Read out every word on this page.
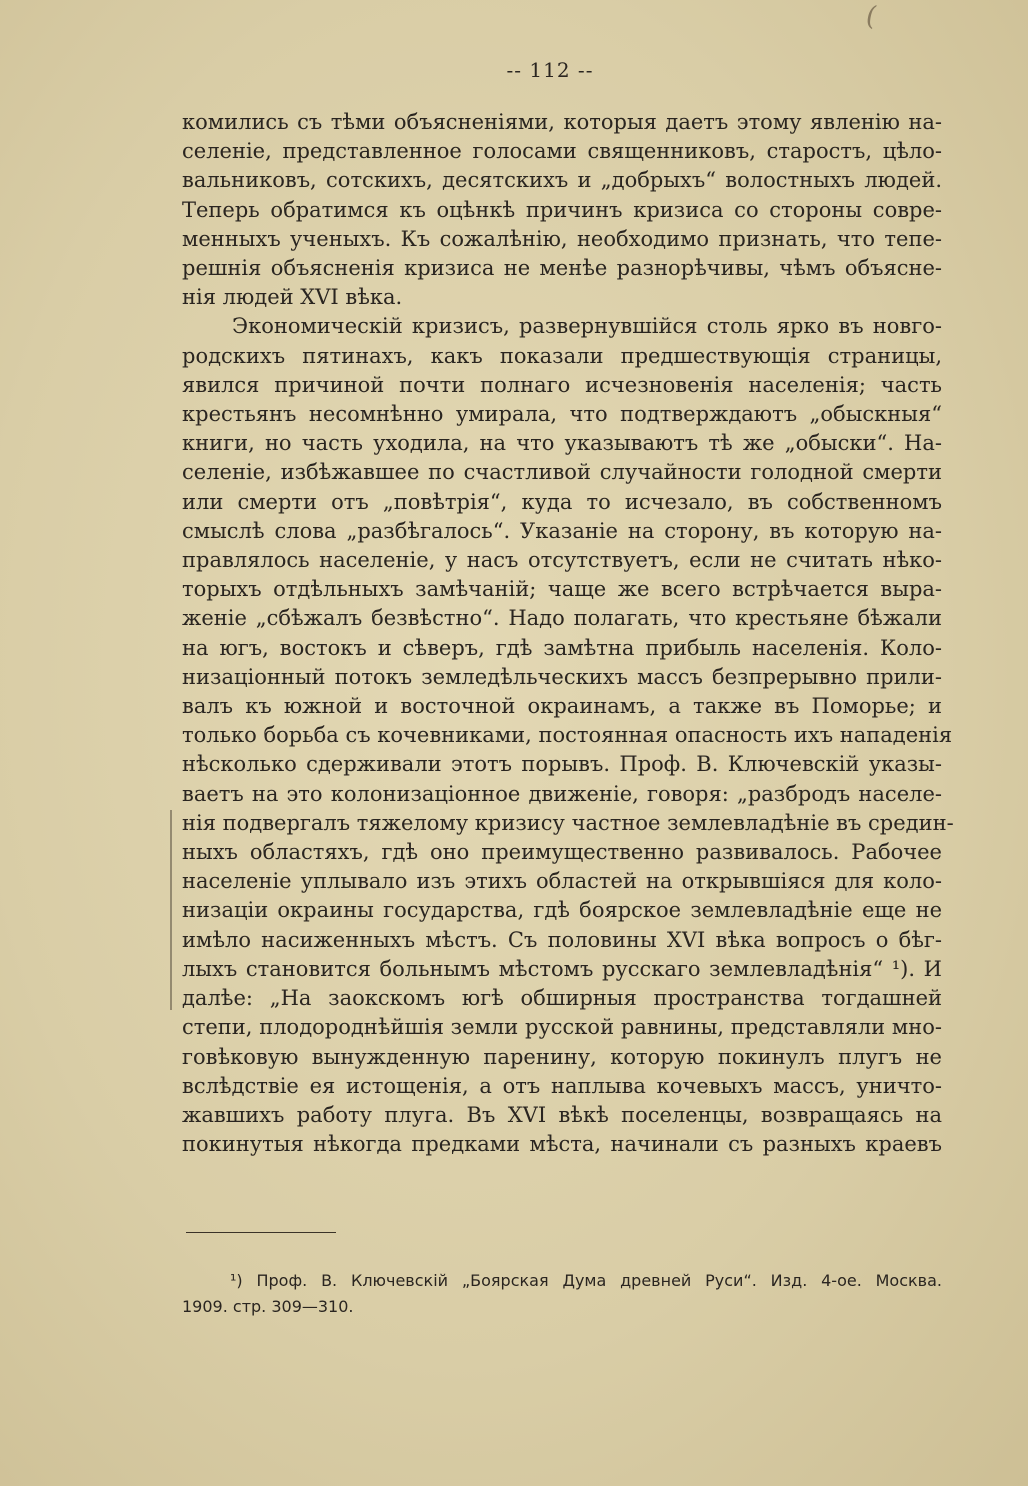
(
-- 112 --
комились съ тѣми объясненiями, которыя даетъ этому явленiю на-
селенiе, представленное голосами священниковъ, старостъ, цѣло-
вальниковъ, сотскихъ, десятскихъ и „добрыхъ“ волостныхъ людей.
Теперь обратимся къ оцѣнкѣ причинъ кризиса со стороны совре-
менныхъ ученыхъ. Къ сожалѣнiю, необходимо признать, что тепе-
решнiя объясненiя кризиса не менѣе разнорѣчивы, чѣмъ объясне-
нiя людей XVI вѣка.
Экономическiй кризисъ, развернувшiйся столь ярко въ новго-
родскихъ пятинахъ, какъ показали предшествующiя страницы,
явился причиной почти полнаго исчезновенiя населенiя; часть
крестьянъ несомнѣнно умирала, что подтверждаютъ „обыскныя“
книги, но часть уходила, на что указываютъ тѣ же „обыски“. На-
селенiе, избѣжавшее по счастливой случайности голодной смерти
или смерти отъ „повѣтрiя“, куда то исчезало, въ собственномъ
смыслѣ слова „разбѣгалось“. Указанiе на сторону, въ которую на-
правлялось населенiе, у насъ отсутствуетъ, если не считать нѣко-
торыхъ отдѣльныхъ замѣчанiй; чаще же всего встрѣчается выра-
женiе „сбѣжалъ безвѣстно“. Надо полагать, что крестьяне бѣжали
на югъ, востокъ и сѣверъ, гдѣ замѣтна прибыль населенiя. Коло-
низацiонный потокъ земледѣльческихъ массъ безпрерывно прили-
валъ къ южной и восточной окраинамъ, а также въ Поморье; и
только борьба съ кочевниками, постоянная опасность ихъ нападенiя
нѣсколько сдерживали этотъ порывъ. Проф. В. Ключевскiй указы-
ваетъ на это колонизацiонное движенiе, говоря: „разбродъ населе-
нiя подвергалъ тяжелому кризису частное землевладѣнiе въ средин-
ныхъ областяхъ, гдѣ оно преимущественно развивалось. Рабочее
населенiе уплывало изъ этихъ областей на открывшiяся для коло-
низацiи окраины государства, гдѣ боярское землевладѣнiе еще не
имѣло насиженныхъ мѣстъ. Съ половины XVI вѣка вопросъ о бѣг-
лыхъ становится больнымъ мѣстомъ русскаго землевладѣнiя“ ¹). И
далѣе: „На заокскомъ югѣ обширныя пространства тогдашней
степи, плодороднѣйшiя земли русской равнины, представляли мно-
говѣковую вынужденную паренину, которую покинулъ плугъ не
вслѣдствiе ея истощенiя, а отъ наплыва кочевыхъ массъ, уничто-
жавшихъ работу плуга. Въ XVI вѣкѣ поселенцы, возвращаясь на
покинутыя нѣкогда предками мѣста, начинали съ разныхъ краевъ
¹) Проф. В. Ключевскiй „Боярская Дума древней Руси“. Изд. 4-ое. Москва.
1909. стр. 309—310.
